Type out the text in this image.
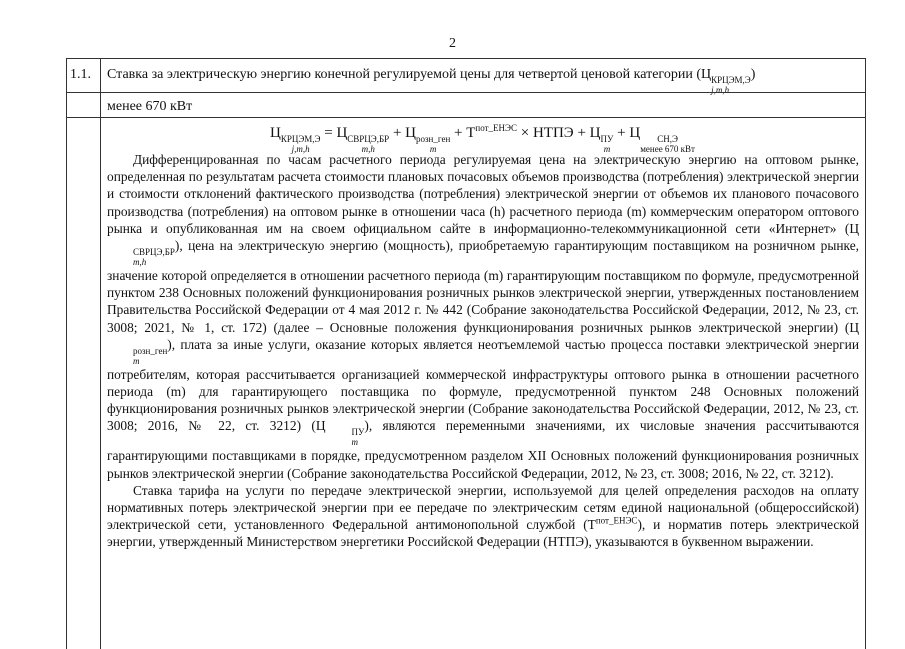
2
1.1. Ставка за электрическую энергию конечной регулируемой цены для четвертой ценовой категории (Ц КРЦЭМ,Э
j,m,h
)
менее 670 кВт
Ц КРЦЭМ,Э
j,m,h
= Ц СВРЦЭ,БР
m,h
+ Ц розн_ген
m
+ $Т^{пот\_ЕНЭС}$ × НТПЭ + Ц ПУ
m
+ Ц	СН,Э
менее 670 кВт

Дифференцированная по часам расчетного периода регулируемая цена на электрическую энергию на оптовом рынке, определенная по результатам расчета стоимости плановых почасовых объемов производства (потребления) электрической энергии и стоимости отклонений фактического производства (потребления) электрической энергии от объемов их планового почасового производства (потребления) на оптовом рынке в отношении часа (h) расчетного периода (m) коммерческим оператором оптового рынка и опубликованная им на своем официальном сайте в информационно-телекоммуникационной сети «Интернет» (Ц
СВРЦЭ,БР
m,h
), цена на электрическую энергию (мощность), приобретаемую гарантирующим поставщиком на розничном рынке, значение которой определяется в отношении расчетного периода (m) гарантирующим поставщиком по формуле, предусмотренной пунктом 238 Основных положений функционирования розничных рынков электрической энергии, утвержденных постановлением Правительства Российской Федерации от 4 мая 2012 г. № 442 (Собрание законодательства Российской Федерации, 2012, № 23, ст. 3008; 2021, № 1, ст. 172) (далее – Основные положения функционирования розничных рынков электрической энергии) (Ц
розн_ген
m
), плата за иные услуги, оказание которых является неотъемлемой частью процесса поставки электрической энергии потребителям, которая рассчитывается организацией коммерческой инфраструктуры оптового рынка в отношении расчетного периода (m) для гарантирующего поставщика по формуле, предусмотренной пунктом 248 Основных положений функционирования розничных рынков электрической энергии (Собрание законодательства Российской Федерации, 2012, № 23, ст. 3008; 2016, № 22, ст. 3212) (Ц	ПУ
m
), являются переменными значениями, их числовые значения рассчитываются гарантирующими поставщиками в порядке, предусмотренном разделом XII Основных положений функционирования розничных рынков электрической энергии (Собрание законодательства Российской Федерации, 2012, № 23, ст. 3008; 2016, № 22, ст. 3212).

Ставка тарифа на услуги по передаче электрической энергии, используемой для целей определения расходов на оплату нормативных потерь электрической энергии при ее передаче по электрическим сетям единой национальной (общероссийской) электрической сети, установленного Федеральной антимонопольной службой $(Т^{пот\_ЕНЭС})$, и норматив потерь электрической энергии, утвержденный Министерством энергетики Российской Федерации (НТПЭ), указываются в буквенном выражении.
